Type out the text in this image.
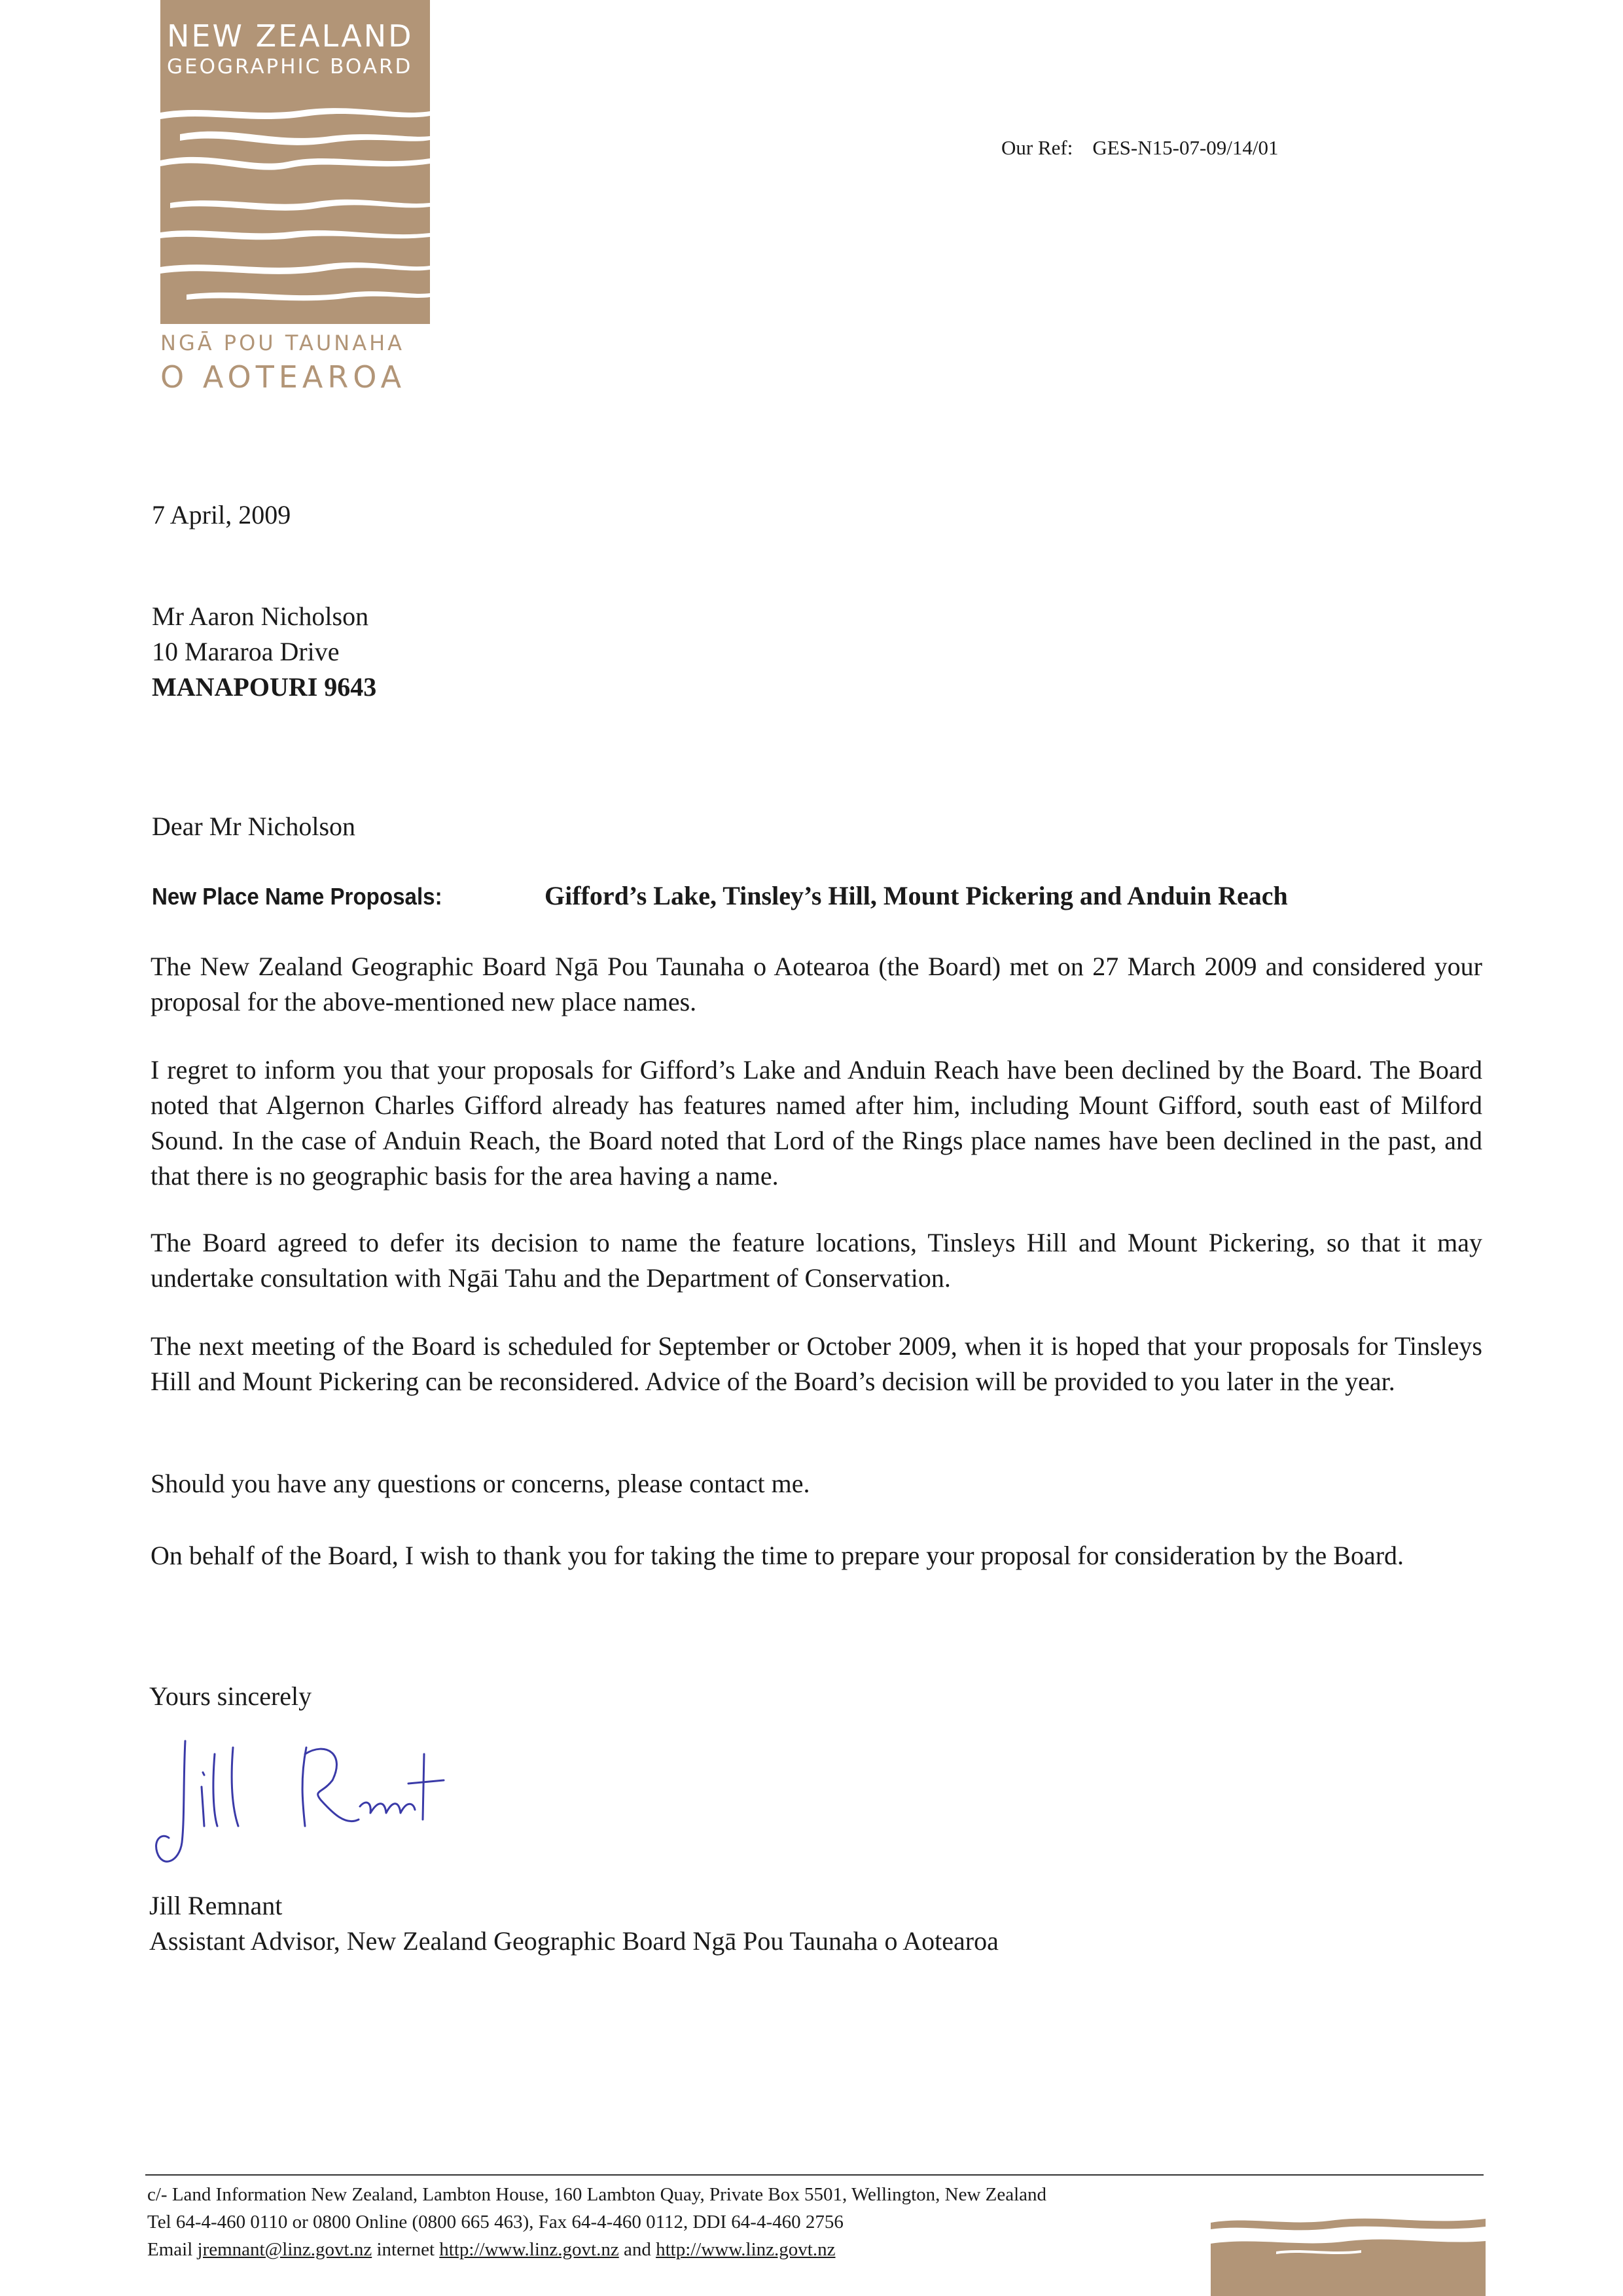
NEW ZEALAND
GEOGRAPHIC BOARD
NGĀ POU TAUNAHA
O AOTEAROA
Our Ref: GES-N15-07-09/14/01
7 April, 2009
Mr Aaron Nicholson
10 Mararoa Drive
MANAPOURI 9643
Dear Mr Nicholson
New Place Name Proposals:	Gifford’s Lake, Tinsley’s Hill, Mount Pickering and Anduin Reach
The New Zealand Geographic Board Ngā Pou Taunaha o Aotearoa (the Board) met on 27 March 2009 and considered your proposal for the above-mentioned new place names.
I regret to inform you that your proposals for Gifford’s Lake and Anduin Reach have been declined by the Board. The Board noted that Algernon Charles Gifford already has features named after him, including Mount Gifford, south east of Milford Sound. In the case of Anduin Reach, the Board noted that Lord of the Rings place names have been declined in the past, and that there is no geographic basis for the area having a name.
The Board agreed to defer its decision to name the feature locations, Tinsleys Hill and Mount Pickering, so that it may undertake consultation with Ngāi Tahu and the Department of Conservation.
The next meeting of the Board is scheduled for September or October 2009, when it is hoped that your proposals for Tinsleys Hill and Mount Pickering can be reconsidered. Advice of the Board’s decision will be provided to you later in the year.
Should you have any questions or concerns, please contact me.
On behalf of the Board, I wish to thank you for taking the time to prepare your proposal for consideration by the Board.
Yours sincerely
Jill Remnant
Assistant Advisor, New Zealand Geographic Board Ngā Pou Taunaha o Aotearoa
c/- Land Information New Zealand, Lambton House, 160 Lambton Quay, Private Box 5501, Wellington, New Zealand
Tel 64-4-460 0110 or 0800 Online (0800 665 463), Fax 64-4-460 0112, DDI 64-4-460 2756
Email jremnant@linz.govt.nz internet http://www.linz.govt.nz and http://www.linz.govt.nz
